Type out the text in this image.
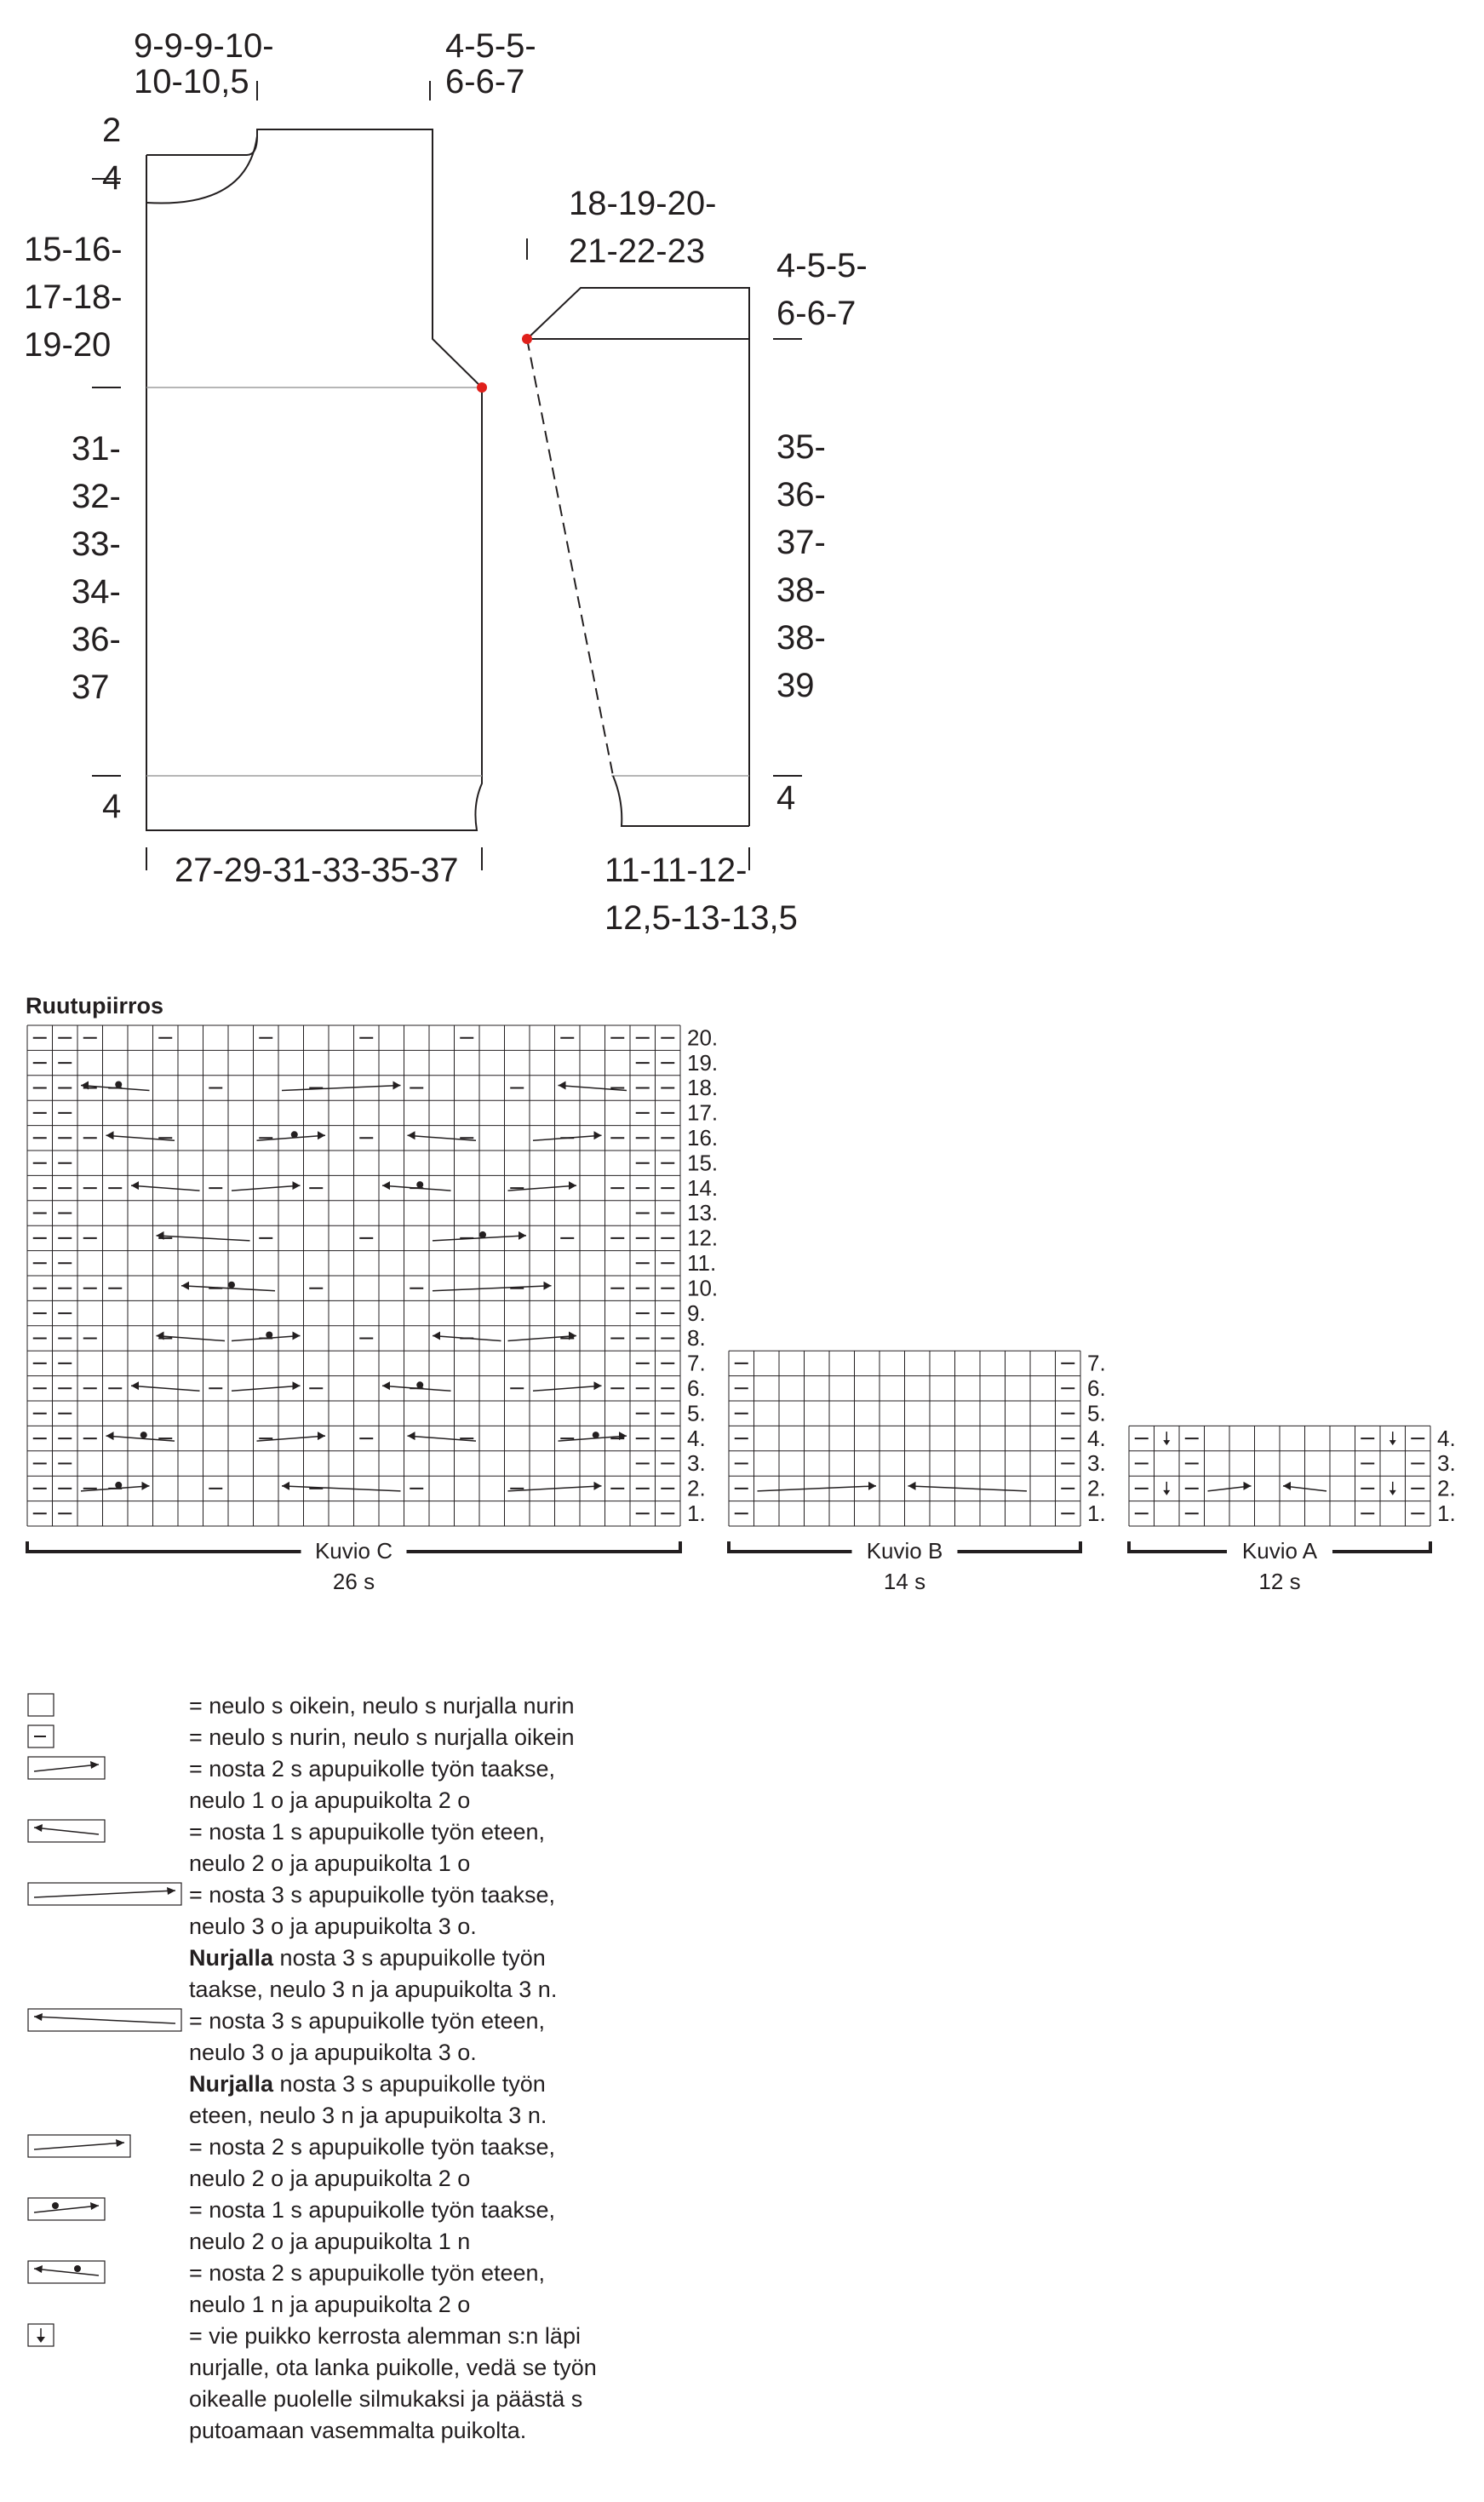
9-9-9-10-10-10,5
4-5-5-6-6-7
2 4
15-16-17-18-19-20
31-32-33-34-36-37
4
27-29-31-33-35-37
18-19-20-21-22-23	4-5-5-6-6-7
35-36-37-38-38-39
4
11-11-12-12,5-13-13,5
Ruutupiirros
1.
2.
3.
4.
5.
6.
7.
8.
9.
10.
11.
12.
13.
14.
15.
16.
17.
18.
19.
20.
Kuvio C
26 s
1.
2.
3.
4.
5.
6.
7.
Kuvio B
14 s
1.
2.
3.
4.
Kuvio A
12 s
= neulo s oikein, neulo s nurjalla nurin
= neulo s nurin, neulo s nurjalla oikein
= nosta 2 s apupuikolle työn taakse,
neulo 1 o ja apupuikolta 2 o
= nosta 1 s apupuikolle työn eteen,
neulo 2 o ja apupuikolta 1 o
= nosta 3 s apupuikolle työn taakse,
neulo 3 o ja apupuikolta 3 o.
Nurjalla nosta 3 s apupuikolle työn
taakse, neulo 3 n ja apupuikolta 3 n.
= nosta 3 s apupuikolle työn eteen,
neulo 3 o ja apupuikolta 3 o.
Nurjalla nosta 3 s apupuikolle työn
eteen, neulo 3 n ja apupuikolta 3 n.
= nosta 2 s apupuikolle työn taakse,
neulo 2 o ja apupuikolta 2 o
= nosta 1 s apupuikolle työn taakse,
neulo 2 o ja apupuikolta 1 n
= nosta 2 s apupuikolle työn eteen,
neulo 1 n ja apupuikolta 2 o
= vie puikko kerrosta alemman s:n läpi
nurjalle, ota lanka puikolle, vedä se työn
oikealle puolelle silmukaksi ja päästä s
putoamaan vasemmalta puikolta.
